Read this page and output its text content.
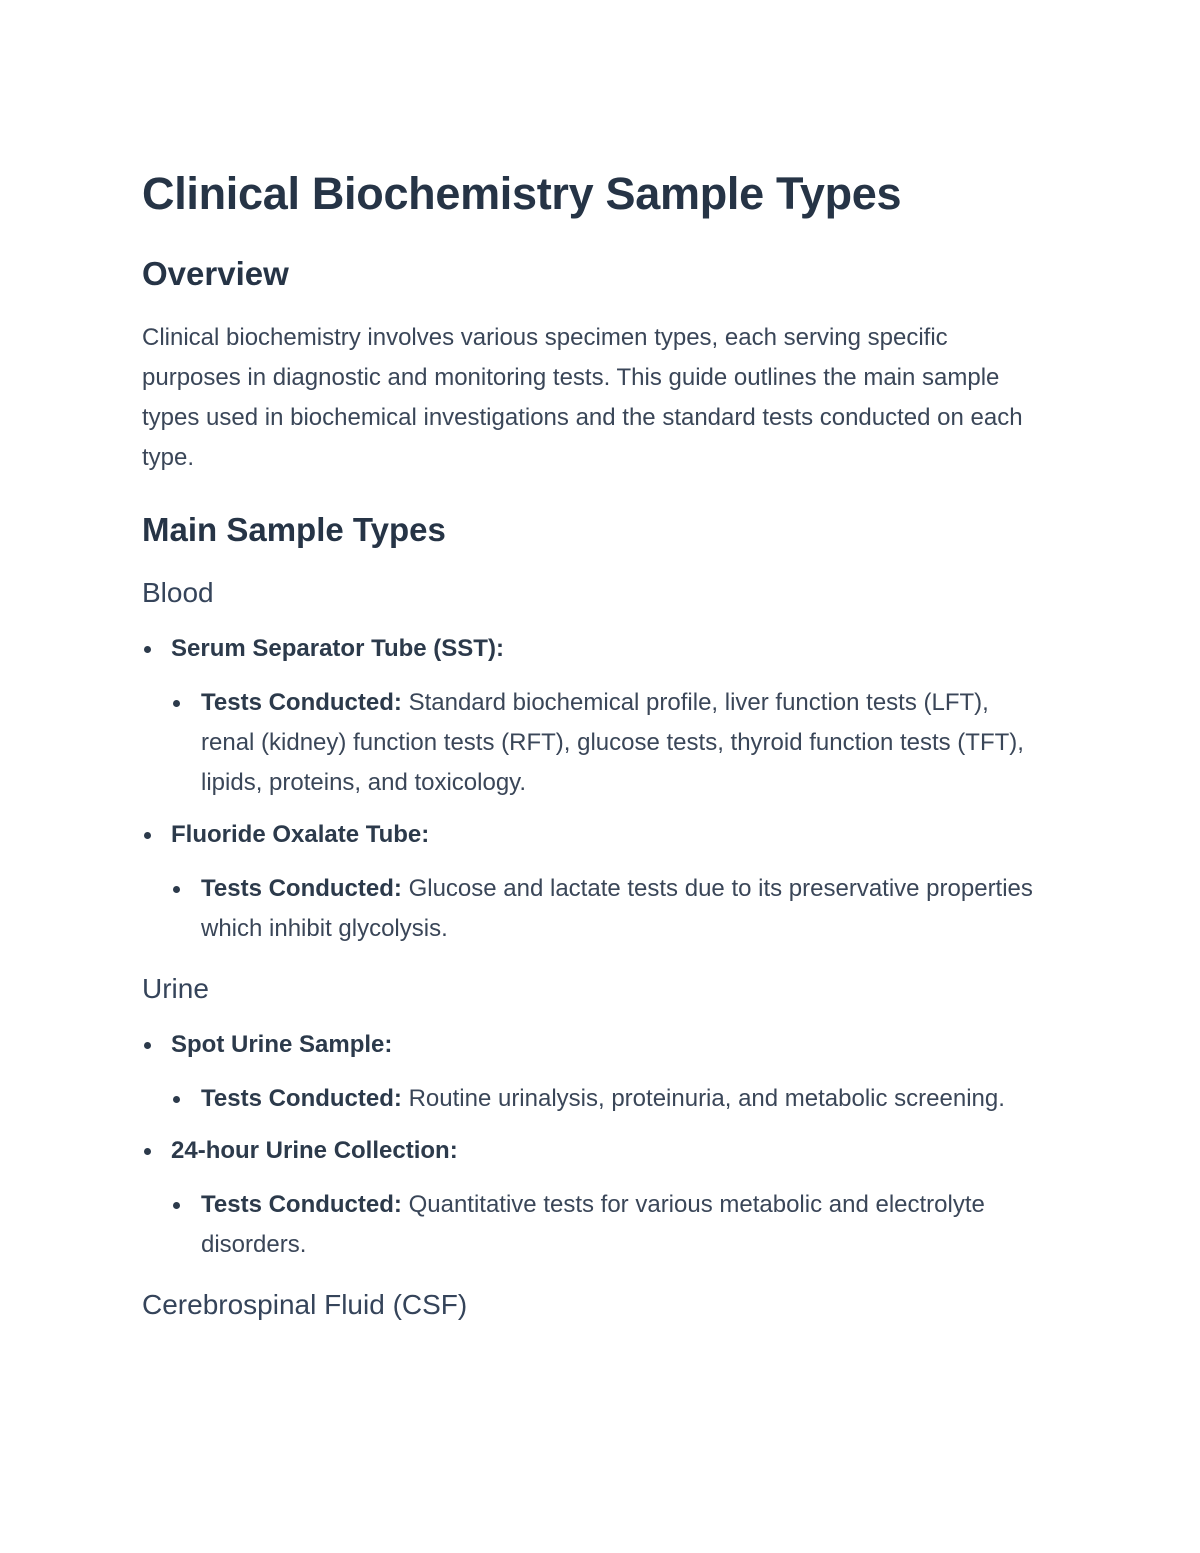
Clinical Biochemistry Sample Types
Overview

Clinical biochemistry involves various specimen types, each serving specific purposes in diagnostic and monitoring tests. This guide outlines the main sample types used in biochemical investigations and the standard tests conducted on each type.

Main Sample Types
Blood
Serum Separator Tube (SST):
Tests Conducted: Standard biochemical profile, liver function tests (LFT), renal (kidney) function tests (RFT), glucose tests, thyroid function tests (TFT), lipids, proteins, and toxicology.
Fluoride Oxalate Tube:
Tests Conducted: Glucose and lactate tests due to its preservative properties which inhibit glycolysis.
Urine
Spot Urine Sample:
Tests Conducted: Routine urinalysis, proteinuria, and metabolic screening.
24-hour Urine Collection:
Tests Conducted: Quantitative tests for various metabolic and electrolyte disorders.
Cerebrospinal Fluid (CSF)
